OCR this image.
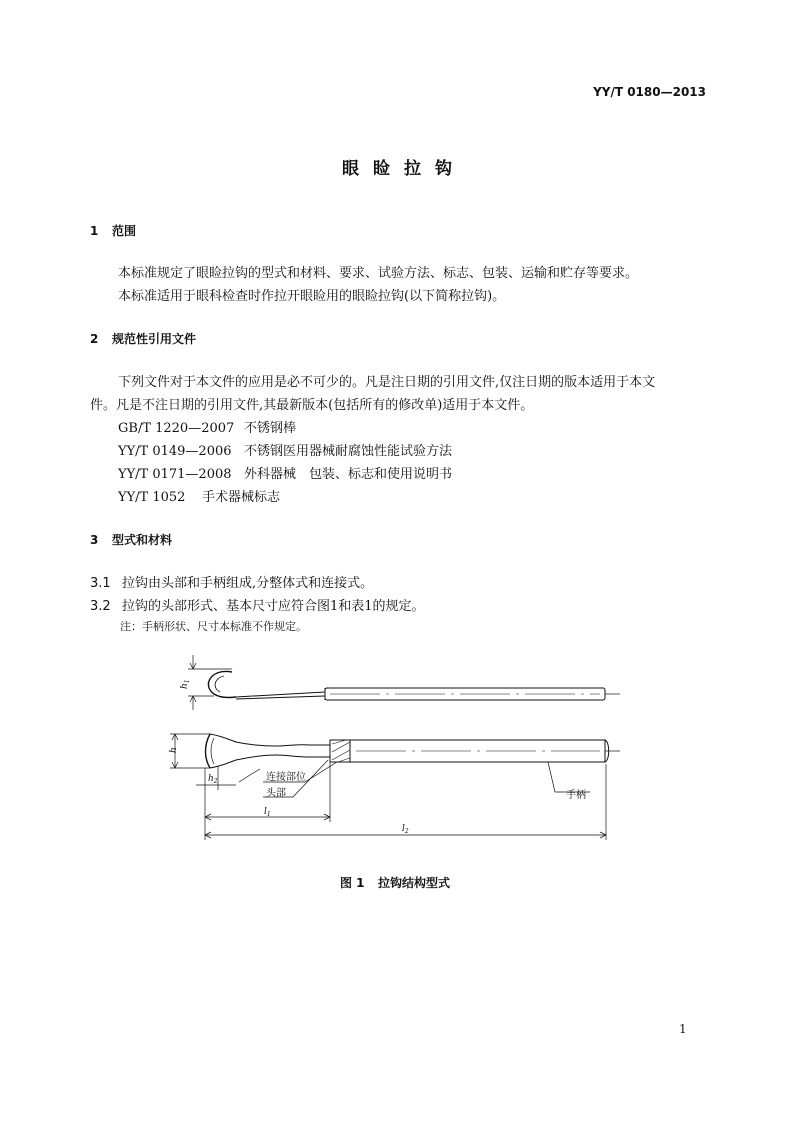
YY/T 0180—2013
眼睑拉钩
1 范围
本标准规定了眼睑拉钩的型式和材料、要求、试验方法、标志、包装、运输和贮存等要求。
本标准适用于眼科检查时作拉开眼睑用的眼睑拉钩(以下简称拉钩)。
2 规范性引用文件
下列文件对于本文件的应用是必不可少的。凡是注日期的引用文件,仅注日期的版本适用于本文
件。凡是不注日期的引用文件,其最新版本(包括所有的修改单)适用于本文件。
GB/T 1220—2007 不锈钢棒
YY/T 0149—2006 不锈钢医用器械耐腐蚀性能试验方法
YY/T 0171—2008 外科器械　包装、标志和使用说明书
YY/T 1052 手术器械标志
3 型式和材料
3.1 拉钩由头部和手柄组成,分整体式和连接式。
3.2 拉钩的头部形式、基本尺寸应符合图1和表1的规定。
注：手柄形状、尺寸本标准不作规定。
$h_1$
h
$h_2$
$l_1$
$l_2$
连接部位
头部	手柄
图 1 拉钩结构型式
1
